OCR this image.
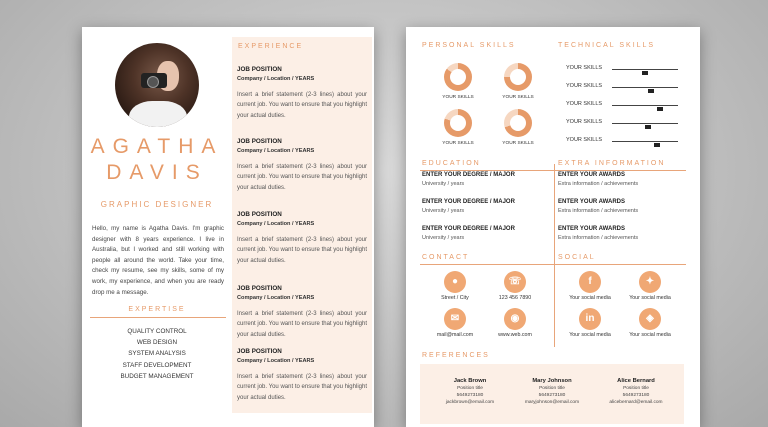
AGATHA
DAVIS
GRAPHIC DESIGNER
Hello, my name is Agatha Davis. I'm graphic designer with 8 years experience. I live in Australia, but I worked and still working with people all around the world. Take your time, check my resume, see my skills, some of my work, my experience, and when you are ready drop me a message.
EXPERTISE
QUALITY CONTROL
WEB DESIGN
SYSTEM ANALYSIS
STAFF DEVELOPMENT
BUDGET MANAGEMENT
EXPERIENCE
JOB POSITION
Company / Location / YEARS
Insert a brief statement (2-3 lines) about your current job. You want to ensure that you highlight your actual duties.
JOB POSITION
Company / Location / YEARS
Insert a brief statement (2-3 lines) about your current job. You want to ensure that you highlight your actual duties.
JOB POSITION
Company / Location / YEARS
Insert a brief statement (2-3 lines) about your current job. You want to ensure that you highlight your actual duties.
JOB POSITION
Company / Location / YEARS
Insert a brief statement (2-3 lines) about your current job. You want to ensure that you highlight your actual duties.
JOB POSITION
Company / Location / YEARS
Insert a brief statement (2-3 lines) about your current job. You want to ensure that you highlight your actual duties.
PERSONAL SKILLS	TECHNICAL SKILLS
YOUR SKILLS	YOUR SKILLS
YOUR SKILLS	YOUR SKILLS
YOUR SKILLS
YOUR SKILLS
YOUR SKILLS
YOUR SKILLS
YOUR SKILLS
EDUCATION	EXTRA INFORMATION
ENTER YOUR DEGREE / MAJOR
University / years
ENTER YOUR DEGREE / MAJOR
University / years
ENTER YOUR DEGREE / MAJOR
University / years
ENTER YOUR AWARDS
Extra information / achievements
ENTER YOUR AWARDS
Extra information / achievements
ENTER YOUR AWARDS
Extra information / achievements
CONTACT	SOCIAL
●
Street / City
☏
123 456 7890
✉
mail@mail.com
◉
www.web.com
f
Your social media
✦
Your social media
in
Your social media
◈
Your social media
REFERENCES
Jack Brown
Position title
5649273180
jackbrown@email.com
Mary Johnson
Position title
5649273180
maryjohnson@email.com
Alice Bernard
Position title
5649273180
alicebernard@email.com
